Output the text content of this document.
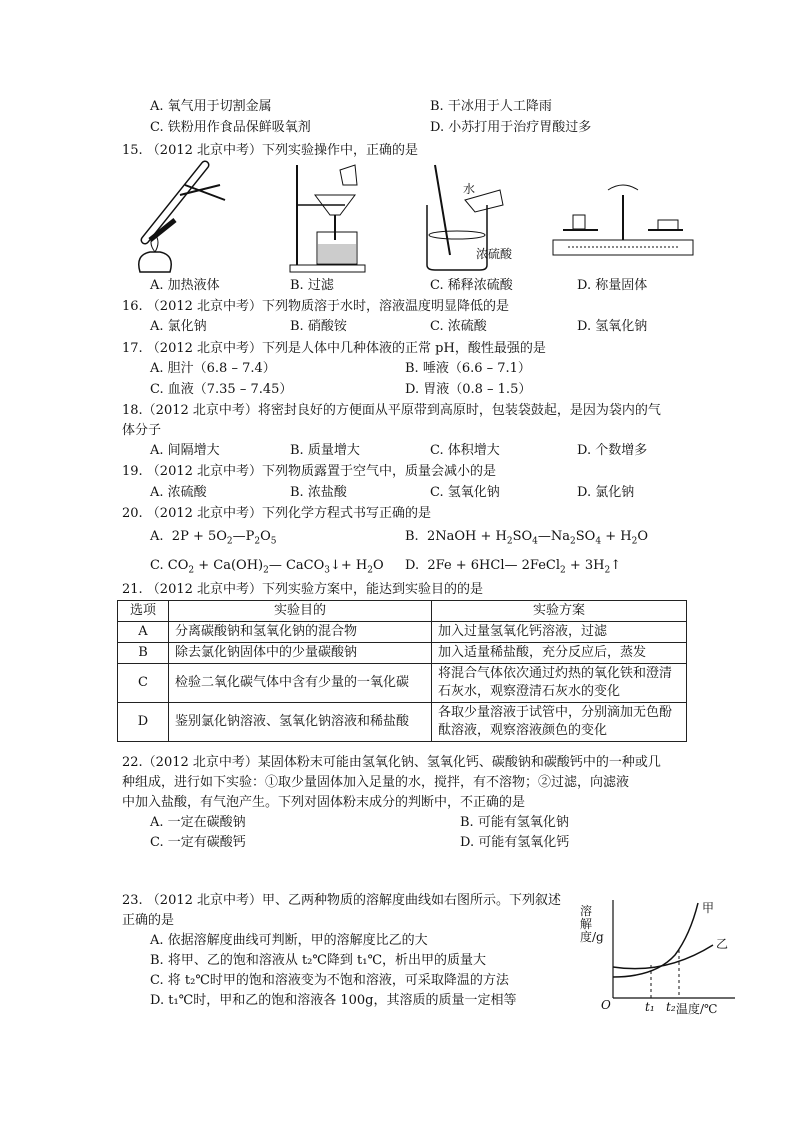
A. 氧气用于切割金属	B. 干冰用于人工降雨
C. 铁粉用作食品保鲜吸氧剂	D. 小苏打用于治疗胃酸过多
15. （2012 北京中考）下列实验操作中，正确的是
水
浓硫酸
A. 加热液体	B. 过滤	C. 稀释浓硫酸	D. 称量固体
16. （2012 北京中考）下列物质溶于水时，溶液温度明显降低的是
A. 氯化钠	B. 硝酸铵	C. 浓硫酸	D. 氢氧化钠
17. （2012 北京中考）下列是人体中几种体液的正常 pH，酸性最强的是
A. 胆汁（6.8 – 7.4）	B. 唾液（6.6 – 7.1）
C. 血液（7.35 – 7.45）	D. 胃液（0.8 – 1.5）
18.（2012 北京中考）将密封良好的方便面从平原带到高原时，包装袋鼓起，是因为袋内的气
体分子
A. 间隔增大	B. 质量增大	C. 体积增大	D. 个数增多
19. （2012 北京中考）下列物质露置于空气中，质量会减小的是
A. 浓硫酸	B. 浓盐酸	C. 氢氧化钠	D. 氯化钠
20. （2012 北京中考）下列化学方程式书写正确的是
A.  $2P + 5O_2—P_2O_5$	B.  2NaOH + $H_2SO_4—Na_2SO_4 + H_2O$
C. $CO_2$ + $Ca(OH)_2—$ CaCO$_3$↓+ $H_2O$ D.  2Fe + 6HCl— 2FeCl$_2$ + $3H_2↑$
21. （2012 北京中考）下列实验方案中，能达到实验目的的是
选项	实验目的	实验方案
A	分离碳酸钠和氢氧化钠的混合物	加入过量氢氧化钙溶液，过滤
B	除去氯化钠固体中的少量碳酸钠	加入适量稀盐酸，充分反应后，蒸发
C	检验二氧化碳气体中含有少量的一氧化碳	将混合气体依次通过灼热的氧化铁和澄清石灰水，观察澄清石灰水的变化
D	鉴别氯化钠溶液、氢氧化钠溶液和稀盐酸	各取少量溶液于试管中，分别滴加无色酚酞溶液，观察溶液颜色的变化
22.（2012 北京中考）某固体粉末可能由氢氧化钠、氢氧化钙、碳酸钠和碳酸钙中的一种或几
种组成，进行如下实验：①取少量固体加入足量的水，搅拌，有不溶物；②过滤，向滤液
中加入盐酸，有气泡产生。下列对固体粉末成分的判断中，不正确的是
A. 一定在碳酸钠	B. 可能有氢氧化钠
C. 一定有碳酸钙	D. 可能有氢氧化钙
23. （2012 北京中考）甲、乙两种物质的溶解度曲线如右图所示。下列叙述
正确的是
A. 依据溶解度曲线可判断，甲的溶解度比乙的大
B. 将甲、乙的饱和溶液从 t₂℃降到 t₁℃，析出甲的质量大
C. 将 t₂℃时甲的饱和溶液变为不饱和溶液，可采取降温的方法
D. t₁℃时，甲和乙的饱和溶液各 100g，其溶质的质量一定相等
溶解度/g
温度/℃
O	t₁ t₂
甲
乙
